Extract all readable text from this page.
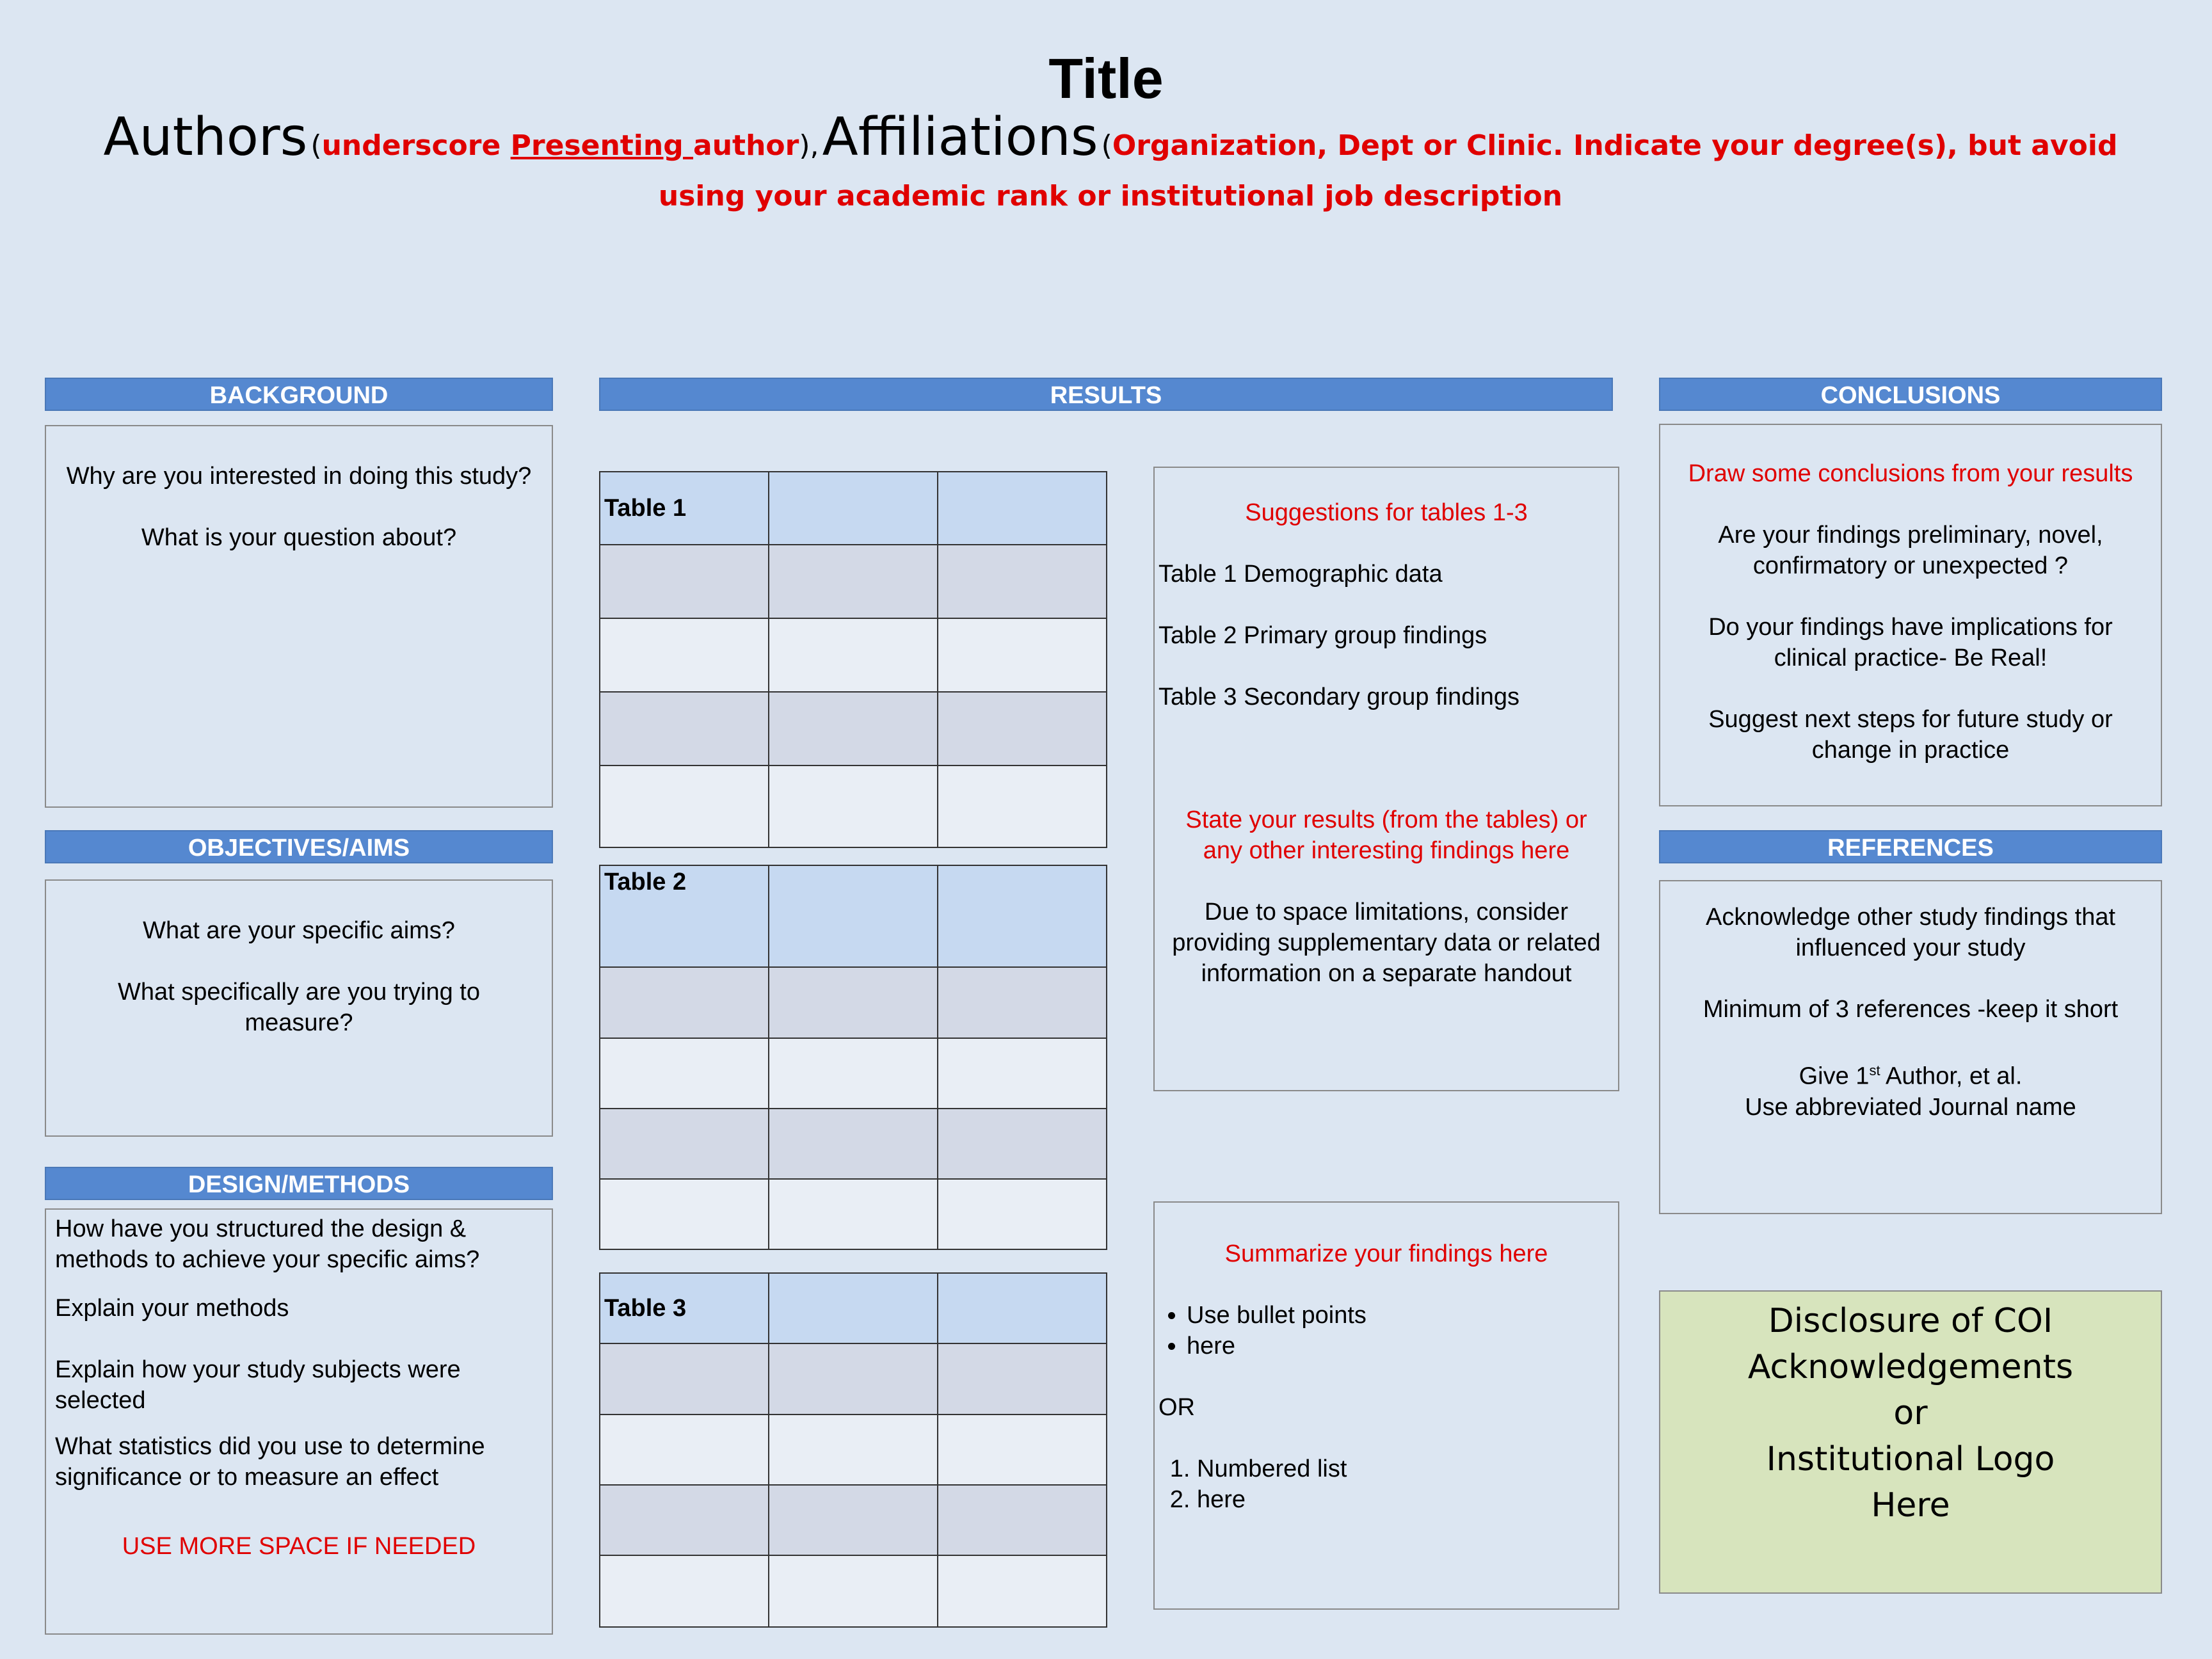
Title
Authors (underscore Presenting author), Affiliations (Organization, Dept or Clinic. Indicate your degree(s), but avoid using your academic rank or institutional job description
BACKGROUND

Why are you interested in doing this study?

What is your question about?

OBJECTIVES/AIMS

What are your specific aims?

What specifically are you trying to measure?

DESIGN/METHODS

How have you structured the design & methods to achieve your specific aims?

Explain your methods

Explain how your study subjects were selected

What statistics did you use to determine significance or to measure an effect

USE MORE SPACE IF NEEDED

RESULTS
Table 1		

Table 2		

Table 3		

Suggestions for tables 1-3

Table 1 Demographic data

Table 2 Primary group findings

Table 3 Secondary group findings

State your results (from the tables) or any other interesting findings here

Due to space limitations, consider providing supplementary data or related information on a separate handout

Summarize your findings here

• Use bullet points
• here

OR

1. Numbered list
2. here
CONCLUSIONS

Draw some conclusions from your results

Are your findings preliminary, novel, confirmatory or unexpected ?

Do your findings have implications for clinical practice- Be Real!

Suggest next steps for future study or change in practice

REFERENCES

Acknowledge other study findings that influenced your study

Minimum of 3 references -keep it short

Give 1st Author, et al.

Use abbreviated Journal name

Disclosure of COI
Acknowledgements
or
Institutional Logo
Here
